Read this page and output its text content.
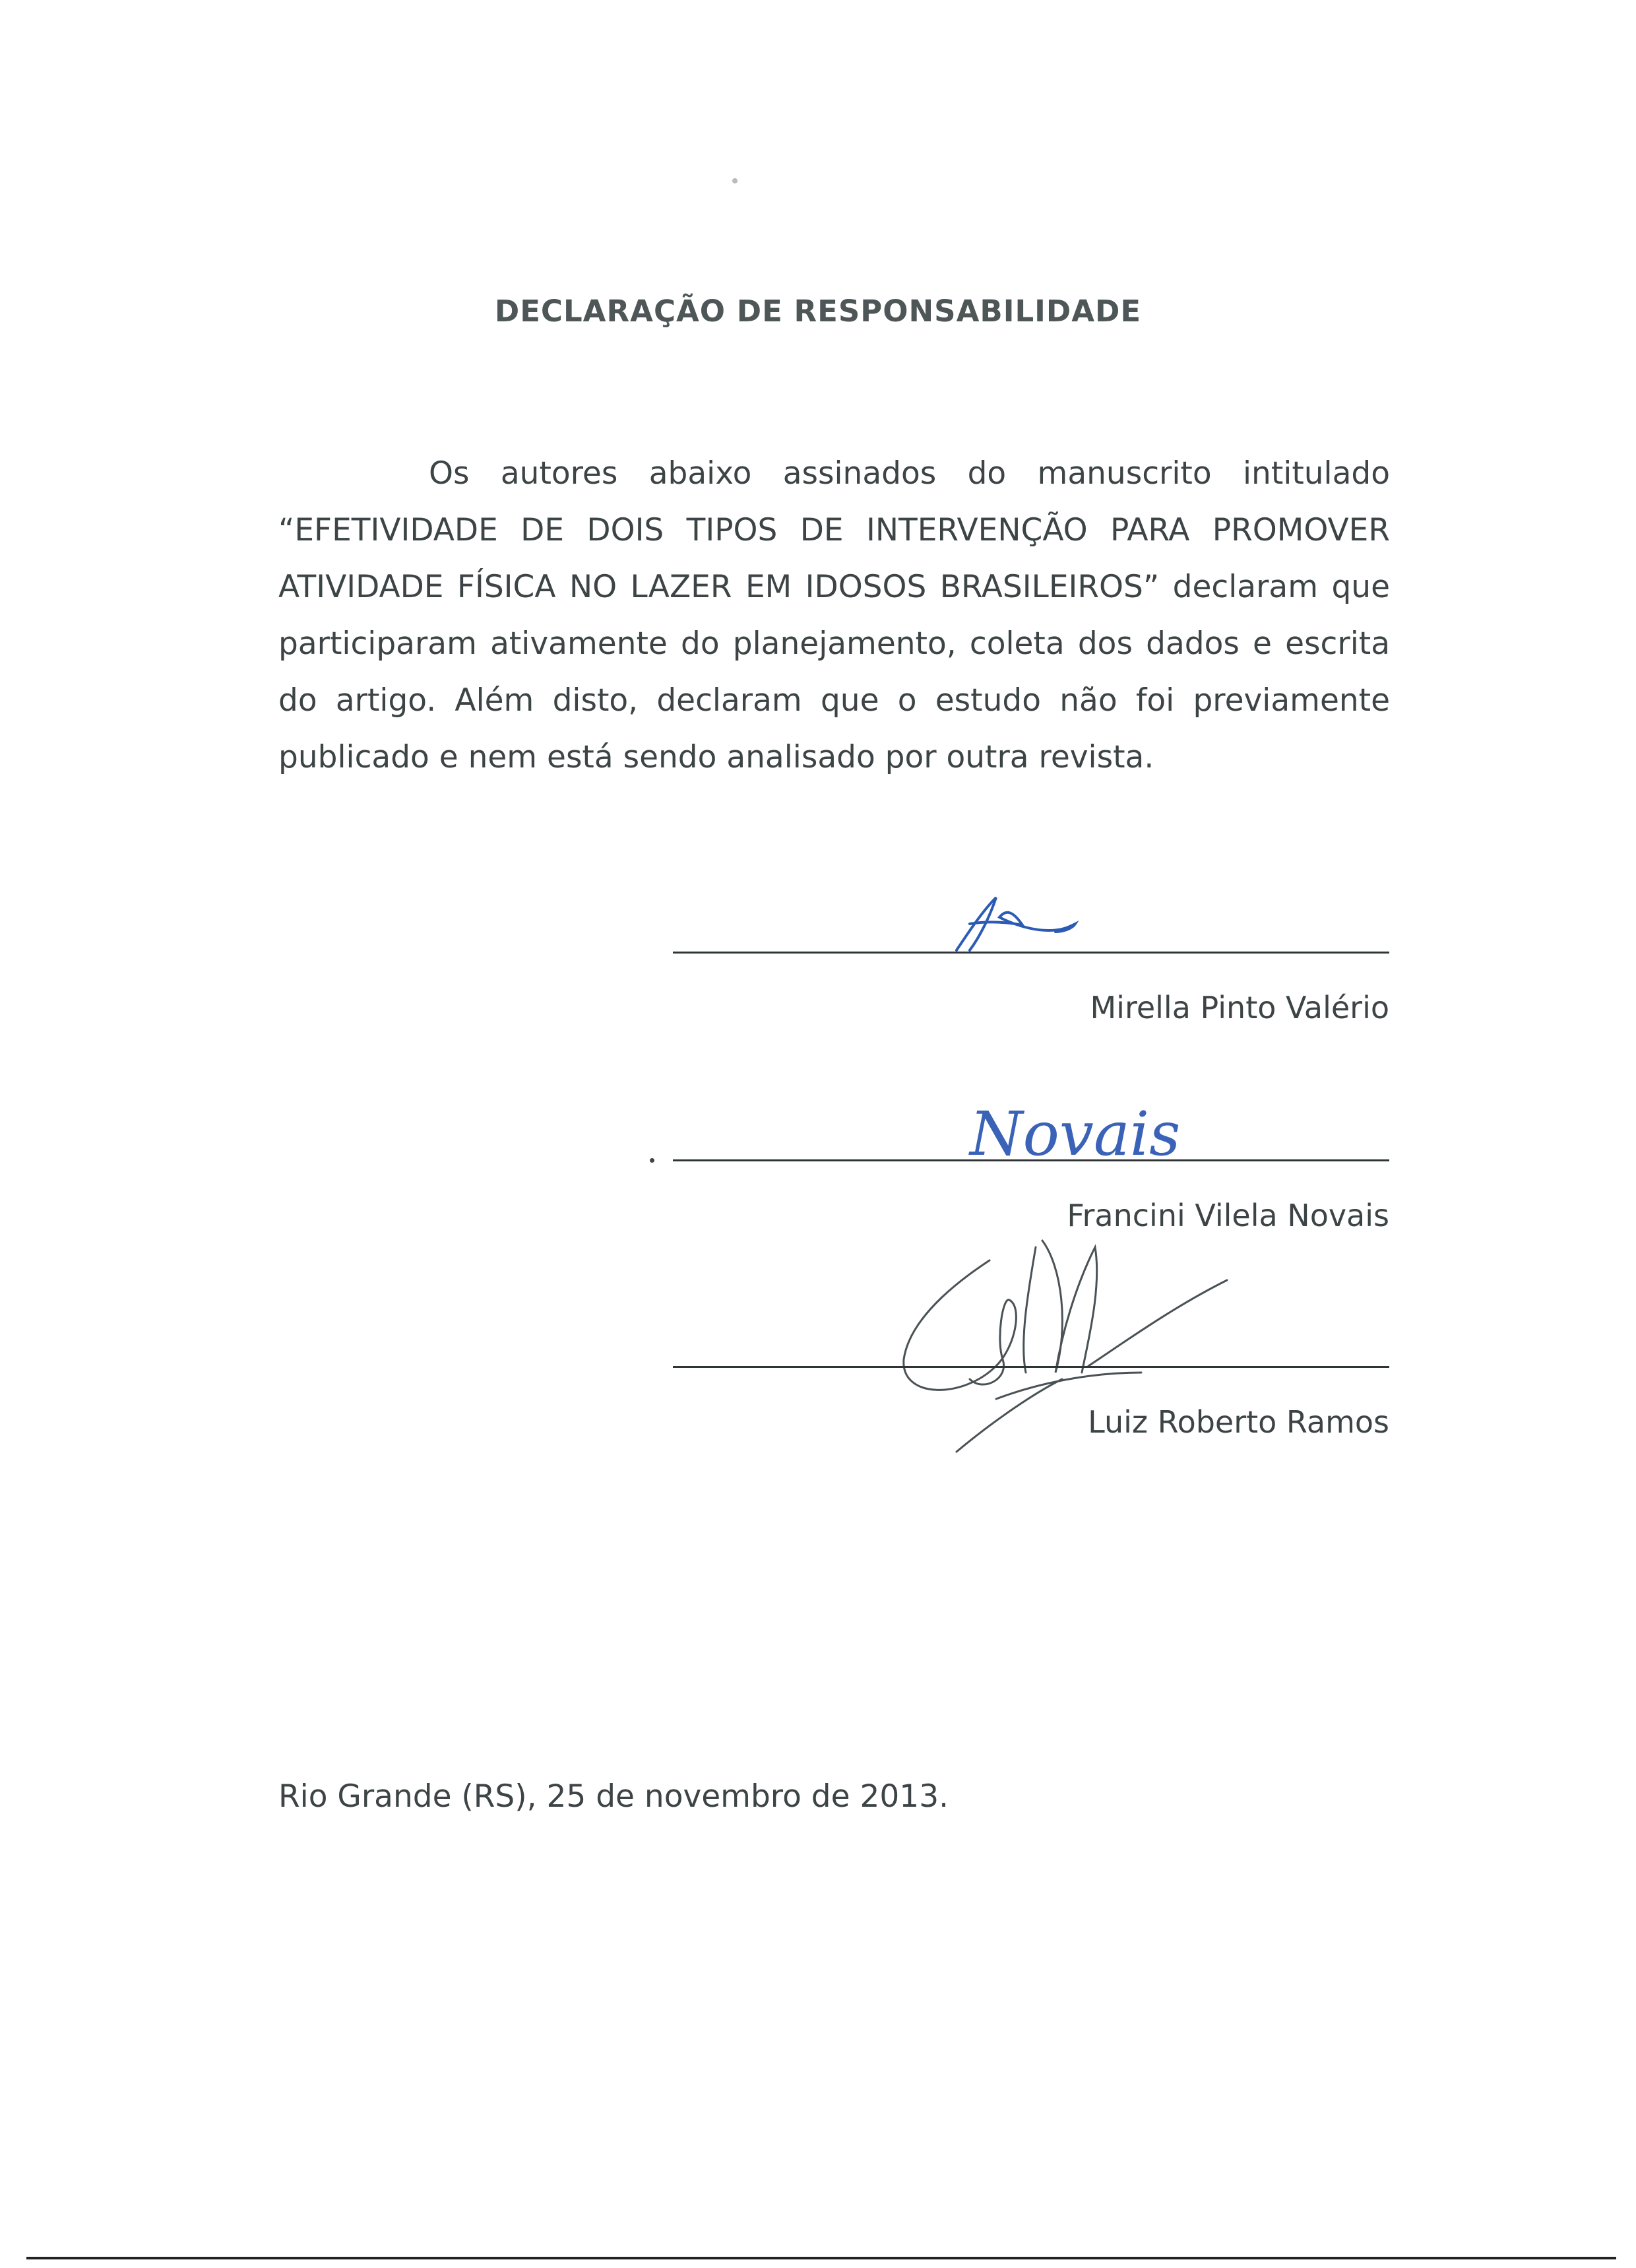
DECLARAÇÃO DE RESPONSABILIDADE

Os autores abaixo assinados do manuscrito intitulado “EFETIVIDADE DE DOIS TIPOS DE INTERVENÇÃO PARA PROMOVER ATIVIDADE FÍSICA NO LAZER EM IDOSOS BRASILEIROS” declaram que participaram ativamente do planejamento, coleta dos dados e escrita do artigo. Além disto, declaram que o estudo não foi previamente publicado e nem está sendo analisado por outra revista.

Mirella Pinto Valério
Novais
Francini Vilela Novais
Luiz Roberto Ramos
Rio Grande (RS), 25 de novembro de 2013.
